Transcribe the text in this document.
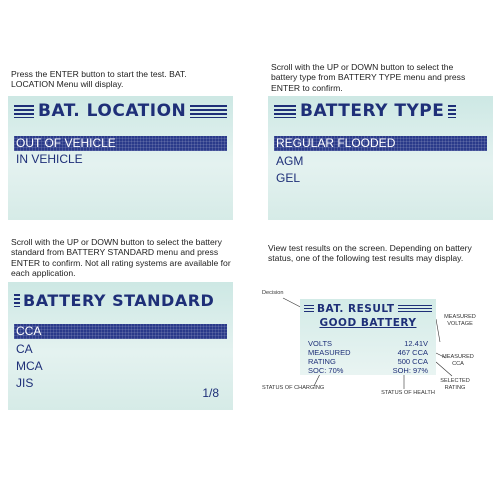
Press the ENTER button to start the test. BAT. LOCATION Menu will display.
BAT. LOCATION
OUT OF VEHICLE
IN VEHICLE
Scroll with the UP or DOWN button to select the battery type from BATTERY TYPE menu and press ENTER to confirm.
BATTERY TYPE
REGULAR FLOODED
AGM
GEL
Scroll with the UP or DOWN button to select the battery standard from BATTERY STANDARD menu and press ENTER to confirm. Not all rating systems are available for each application.
BATTERY STANDARD
CCA
CA
MCA
JIS
1/8
View test results on the screen. Depending on battery status, one of the following test results may display.
Decision
BAT. RESULT
GOOD BATTERY
VOLTS	12.41V
MEASURED	467 CCA
RATING	500 CCA
SOC: 70%	SOH: 97%
MEASURED VOLTAGE
MEASURED CCA
SELECTED RATING
STATUS OF CHARGING
STATUS OF HEALTH
